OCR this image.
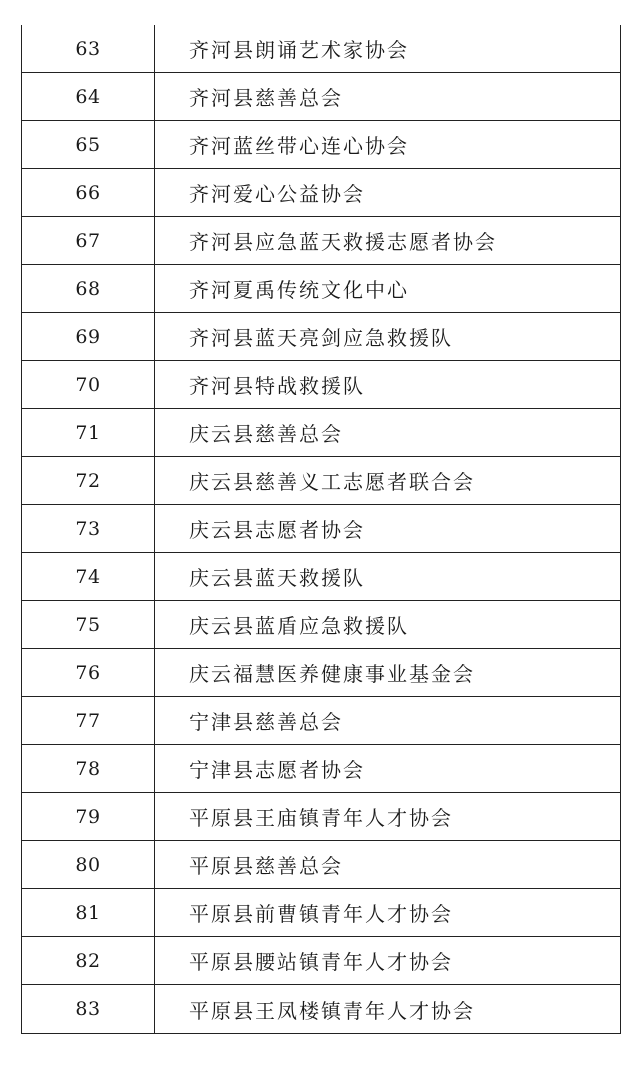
63	齐河县朗诵艺术家协会
64	齐河县慈善总会
65	齐河蓝丝带心连心协会
66	齐河爱心公益协会
67	齐河县应急蓝天救援志愿者协会
68	齐河夏禹传统文化中心
69	齐河县蓝天亮剑应急救援队
70	齐河县特战救援队
71	庆云县慈善总会
72	庆云县慈善义工志愿者联合会
73	庆云县志愿者协会
74	庆云县蓝天救援队
75	庆云县蓝盾应急救援队
76	庆云福慧医养健康事业基金会
77	宁津县慈善总会
78	宁津县志愿者协会
79	平原县王庙镇青年人才协会
80	平原县慈善总会
81	平原县前曹镇青年人才协会
82	平原县腰站镇青年人才协会
83	平原县王凤楼镇青年人才协会
